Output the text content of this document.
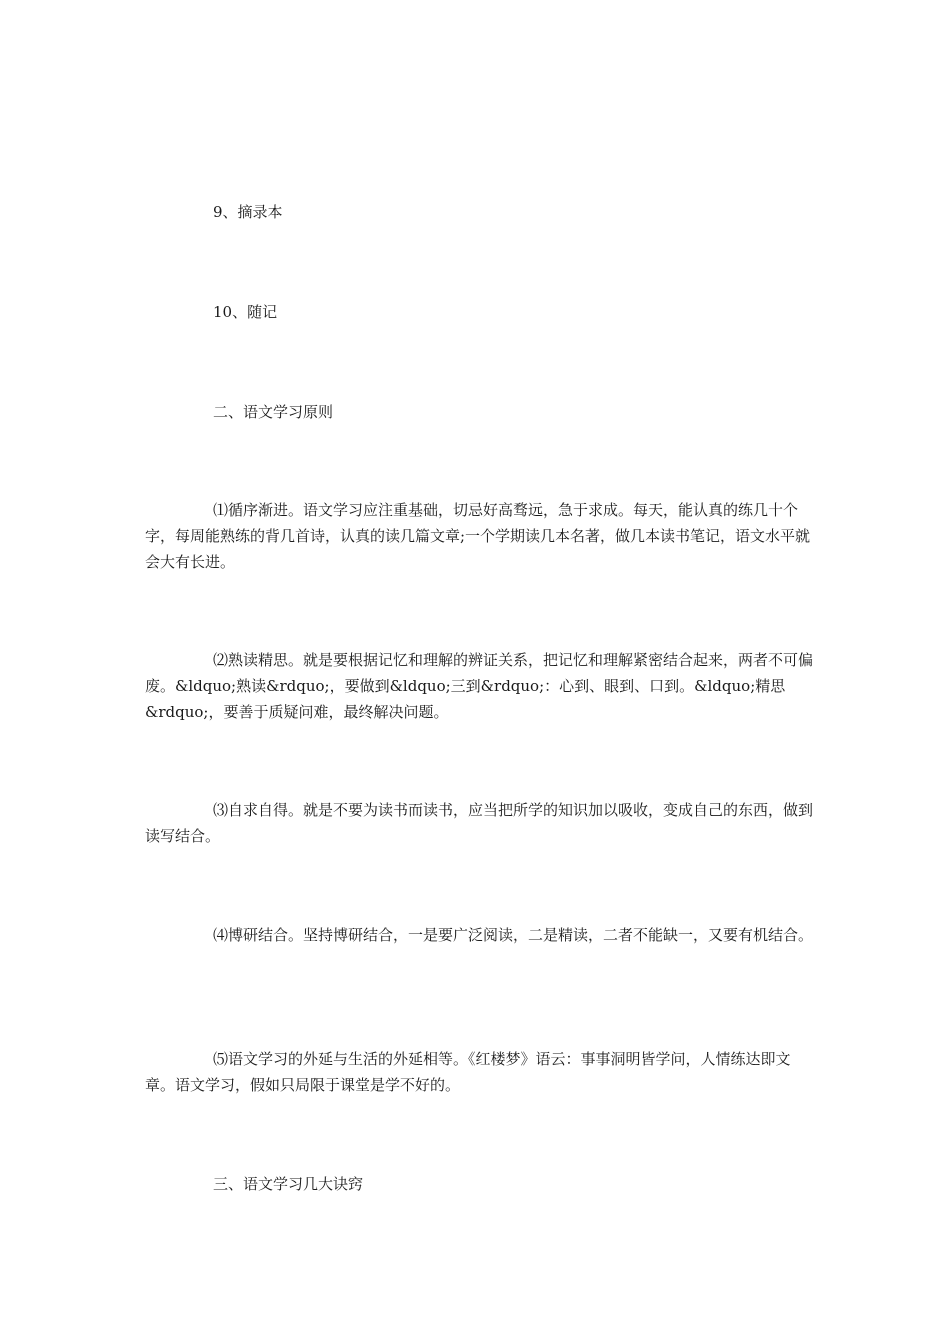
9、摘录本

10、随记

二、语文学习原则

⑴循序渐进。语文学习应注重基础，切忌好高骛远，急于求成。每天，能认真的练几十个字，每周能熟练的背几首诗，认真的读几篇文章;一个学期读几本名著，做几本读书笔记，语文水平就会大有长进。

⑵熟读精思。就是要根据记忆和理解的辨证关系，把记忆和理解紧密结合起来，两者不可偏废。&ldquo;熟读&rdquo;，要做到&ldquo;三到&rdquo;：心到、眼到、口到。&ldquo;精思&rdquo;，要善于质疑问难，最终解决问题。

⑶自求自得。就是不要为读书而读书，应当把所学的知识加以吸收，变成自己的东西，做到读写结合。

⑷博研结合。坚持博研结合，一是要广泛阅读，二是精读，二者不能缺一，又要有机结合。

⑸语文学习的外延与生活的外延相等。《红楼梦》语云：事事洞明皆学问，人情练达即文章。语文学习，假如只局限于课堂是学不好的。

三、语文学习几大诀窍
